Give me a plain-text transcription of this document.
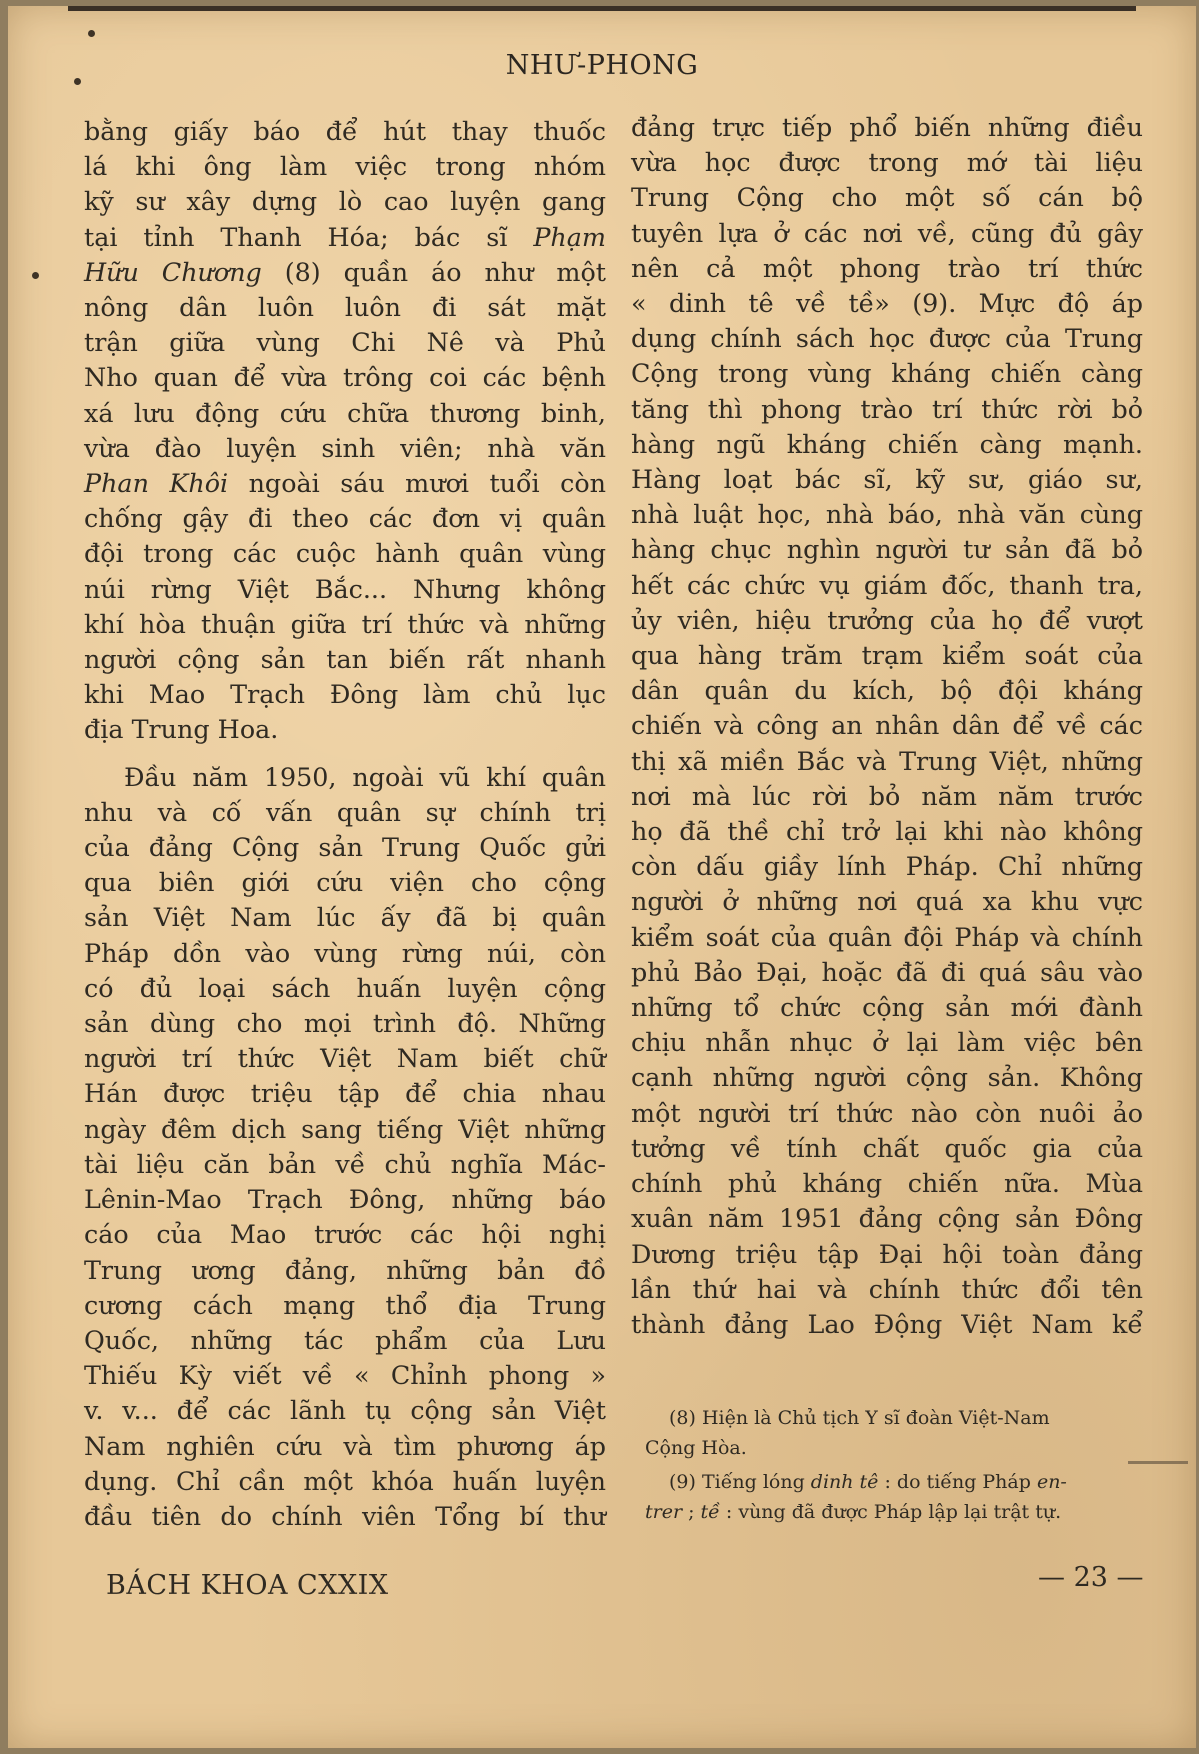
NHƯ-PHONG

bằng giấy báo để hút thay thuốc

lá khi ông làm việc trong nhóm

kỹ sư xây dựng lò cao luyện gang

tại tỉnh Thanh Hóa; bác sĩ Phạm

Hữu Chương (8) quần áo như một

nông dân luôn luôn đi sát mặt

trận giữa vùng Chi Nê và Phủ

Nho quan để vừa trông coi các bệnh

xá lưu động cứu chữa thương binh,

vừa đào luyện sinh viên; nhà văn

Phan Khôi ngoài sáu mươi tuổi còn

chống gậy đi theo các đơn vị quân

đội trong các cuộc hành quân vùng

núi rừng Việt Bắc... Nhưng không

khí hòa thuận giữa trí thức và những

người cộng sản tan biến rất nhanh

khi Mao Trạch Đông làm chủ lục

địa Trung Hoa.

Đầu năm 1950, ngoài vũ khí quân

nhu và cố vấn quân sự chính trị

của đảng Cộng sản Trung Quốc gửi

qua biên giới cứu viện cho cộng

sản Việt Nam lúc ấy đã bị quân

Pháp dồn vào vùng rừng núi, còn

có đủ loại sách huấn luyện cộng

sản dùng cho mọi trình độ. Những

người trí thức Việt Nam biết chữ

Hán được triệu tập để chia nhau

ngày đêm dịch sang tiếng Việt những

tài liệu căn bản về chủ nghĩa Mác-

Lênin-Mao Trạch Đông, những báo

cáo của Mao trước các hội nghị

Trung ương đảng, những bản đồ

cương cách mạng thổ địa Trung

Quốc, những tác phẩm của Lưu

Thiếu Kỳ viết về « Chỉnh phong »

v. v... để các lãnh tụ cộng sản Việt

Nam nghiên cứu và tìm phương áp

dụng. Chỉ cần một khóa huấn luyện

đầu tiên do chính viên Tổng bí thư

đảng trực tiếp phổ biến những điều

vừa học được trong mớ tài liệu

Trung Cộng cho một số cán bộ

tuyên lựa ở các nơi về, cũng đủ gây

nên cả một phong trào trí thức

« dinh tê về tề» (9). Mực độ áp

dụng chính sách học được của Trung

Cộng trong vùng kháng chiến càng

tăng thì phong trào trí thức rời bỏ

hàng ngũ kháng chiến càng mạnh.

Hàng loạt bác sĩ, kỹ sư, giáo sư,

nhà luật học, nhà báo, nhà văn cùng

hàng chục nghìn người tư sản đã bỏ

hết các chức vụ giám đốc, thanh tra,

ủy viên, hiệu trưởng của họ để vượt

qua hàng trăm trạm kiểm soát của

dân quân du kích, bộ đội kháng

chiến và công an nhân dân để về các

thị xã miền Bắc và Trung Việt, những

nơi mà lúc rời bỏ năm năm trước

họ đã thề chỉ trở lại khi nào không

còn dấu giầy lính Pháp. Chỉ những

người ở những nơi quá xa khu vực

kiểm soát của quân đội Pháp và chính

phủ Bảo Đại, hoặc đã đi quá sâu vào

những tổ chức cộng sản mới đành

chịu nhẫn nhục ở lại làm việc bên

cạnh những người cộng sản. Không

một người trí thức nào còn nuôi ảo

tưởng về tính chất quốc gia của

chính phủ kháng chiến nữa. Mùa

xuân năm 1951 đảng cộng sản Đông

Dương triệu tập Đại hội toàn đảng

lần thứ hai và chính thức đổi tên

thành đảng Lao Động Việt Nam kể

(8) Hiện là Chủ tịch Y sĩ đoàn Việt-Nam
Cộng Hòa.

(9) Tiếng lóng dinh tê : do tiếng Pháp en-
trer ; tề : vùng đã được Pháp lập lại trật tự.

BÁCH KHOA CXXIX	— 23 —
